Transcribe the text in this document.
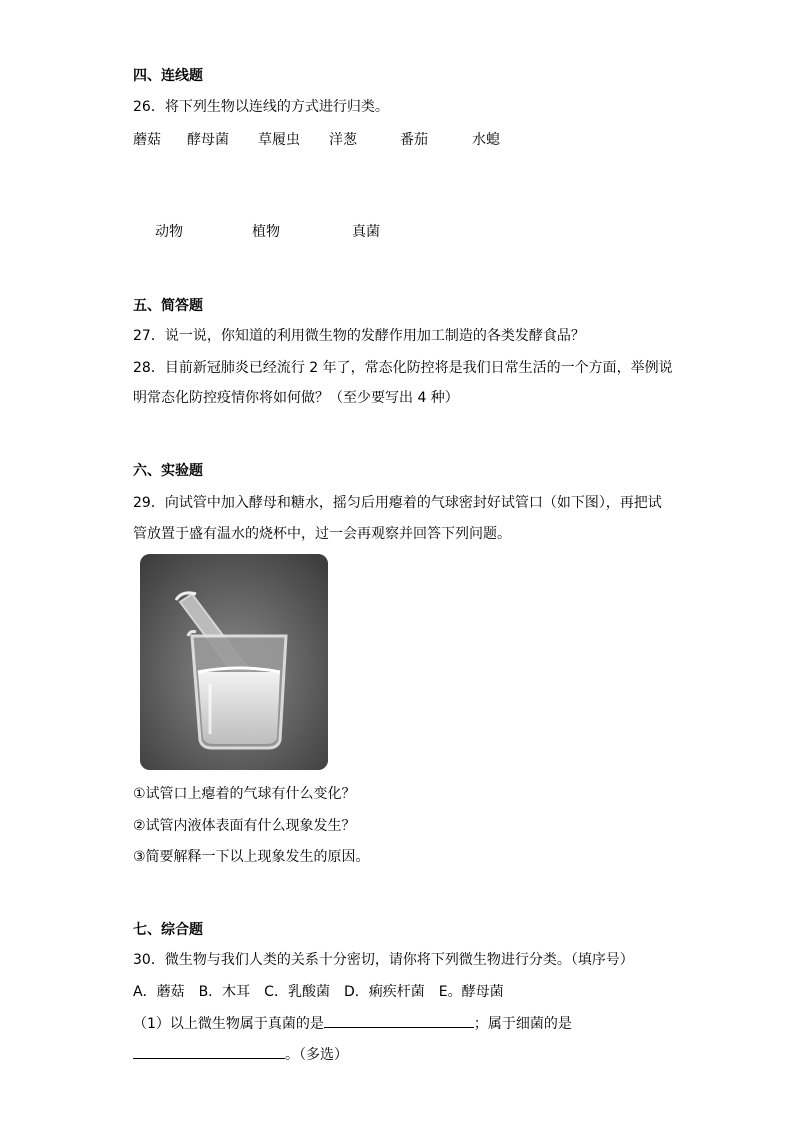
四、连线题
26．将下列生物以连线的方式进行归类。
蘑菇 酵母菌 草履虫 洋葱	番茄	水螅
动物	植物	真菌
五、简答题
27．说一说，你知道的利用微生物的发酵作用加工制造的各类发酵食品？
28．目前新冠肺炎已经流行 2 年了，常态化防控将是我们日常生活的一个方面，举例说
明常态化防控疫情你将如何做？（至少要写出 4 种）
六、实验题
29．向试管中加入酵母和糖水，摇匀后用瘪着的气球密封好试管口（如下图），再把试
管放置于盛有温水的烧杯中，过一会再观察并回答下列问题。
①试管口上瘪着的气球有什么变化？
②试管内液体表面有什么现象发生？
③简要解释一下以上现象发生的原因。
七、综合题
30．微生物与我们人类的关系十分密切，请你将下列微生物进行分类。（填序号）
A．蘑菇　B．木耳　C．乳酸菌　D．痢疾杆菌　E。酵母菌
（1）以上微生物属于真菌的是	；属于细菌的是
。（多选）
